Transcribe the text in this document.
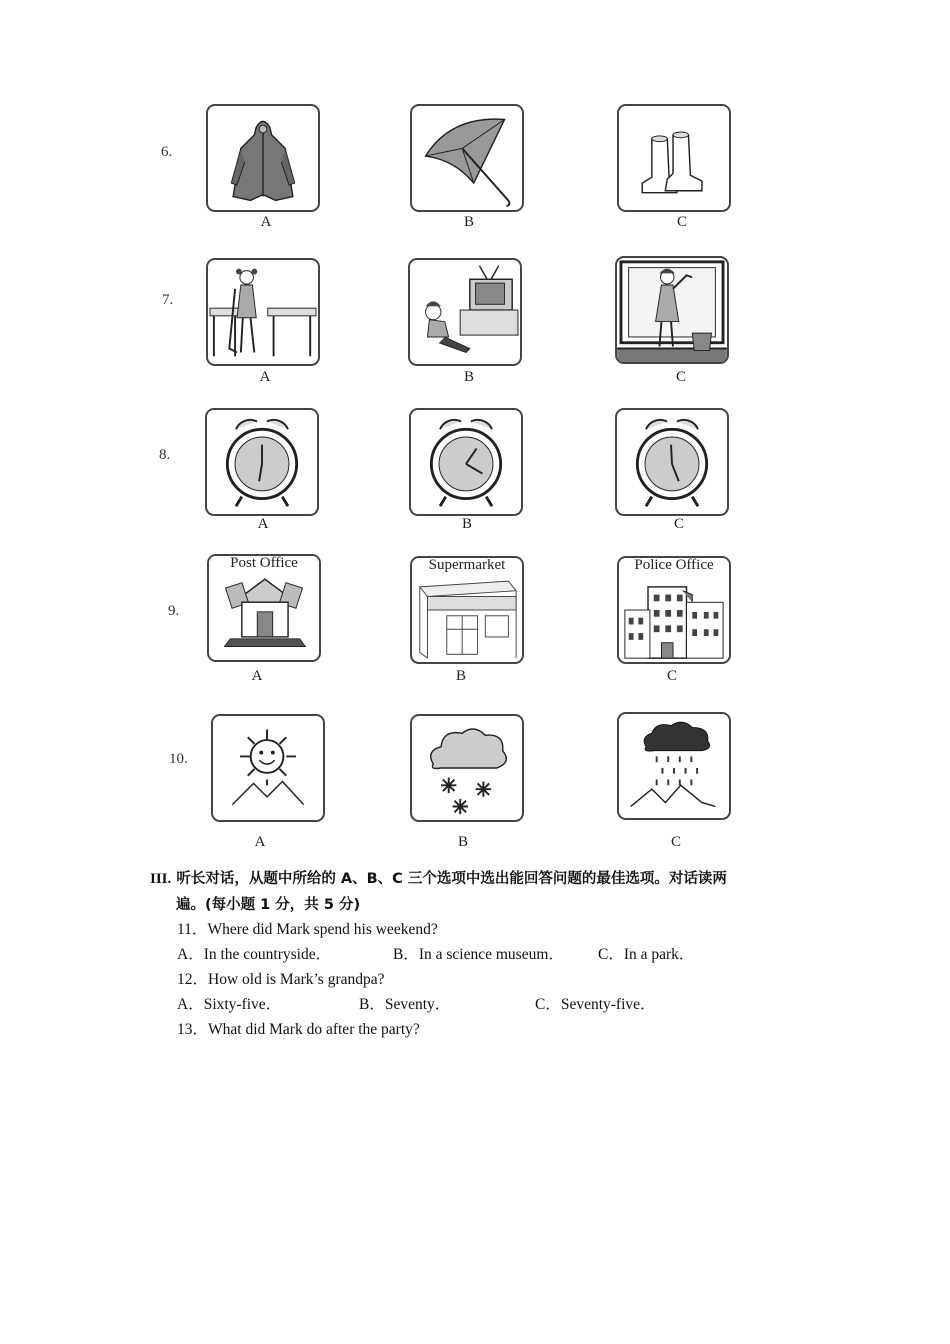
6.
A	B	C
7.
A	B	C
8.
A	B	C
9.
Post Office
A
Supermarket
B
Police Office
C
10.
A	B	C
III. 听长对话，从题中所给的 A、B、C 三个选项中选出能回答问题的最佳选项。对话读两
遍。(每小题 1 分，共 5 分)
11．Where did Mark spend his weekend?
A．In the countryside．	B．In a science museum． C．In a park．
12．How old is Mark’s grandpa?
A．Sixty-five．	B．Seventy．	C．Seventy-five．
13．What did Mark do after the party?
